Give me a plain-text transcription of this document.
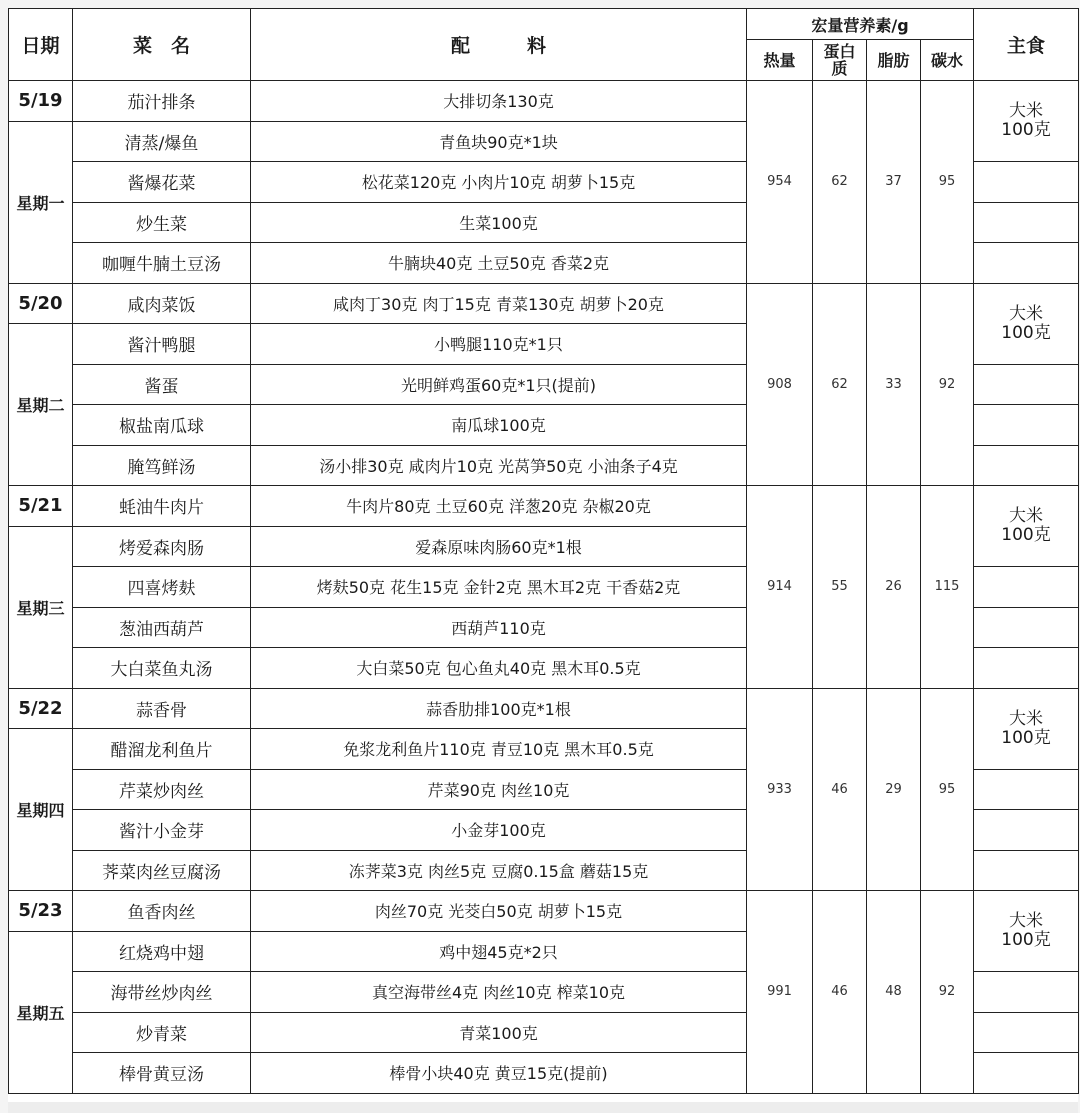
日期	菜　名	配　　　料	宏量营养素/g				主食
			热量	蛋白质	脂肪	碳水	
5/19	茄汁排条	大排切条130克	954	62	37	95	大米
100克
星期一	清蒸/爆鱼	青鱼块90克*1块					
	酱爆花菜	松花菜120克 小肉片10克 胡萝卜15克					
	炒生菜	生菜100克					
	咖喱牛腩土豆汤	牛腩块40克 土豆50克 香菜2克					
5/20	咸肉菜饭	咸肉丁30克 肉丁15克 青菜130克 胡萝卜20克	908	62	33	92	大米
100克
星期二	酱汁鸭腿	小鸭腿110克*1只					
	酱蛋	光明鲜鸡蛋60克*1只(提前)					
	椒盐南瓜球	南瓜球100克					
	腌笃鲜汤	汤小排30克 咸肉片10克 光莴笋50克 小油条子4克					
5/21	蚝油牛肉片	牛肉片80克 土豆60克 洋葱20克 杂椒20克	914	55	26	115	大米
100克
星期三	烤爱森肉肠	爱森原味肉肠60克*1根					
	四喜烤麸	烤麸50克 花生15克 金针2克 黑木耳2克 干香菇2克					
	葱油西葫芦	西葫芦110克					
	大白菜鱼丸汤	大白菜50克 包心鱼丸40克 黑木耳0.5克					
5/22	蒜香骨	蒜香肋排100克*1根	933	46	29	95	大米
100克
星期四	醋溜龙利鱼片	免浆龙利鱼片110克 青豆10克 黑木耳0.5克					
	芹菜炒肉丝	芹菜90克 肉丝10克					
	酱汁小金芽	小金芽100克					
	荠菜肉丝豆腐汤	冻荠菜3克 肉丝5克 豆腐0.15盒 蘑菇15克					
5/23	鱼香肉丝	肉丝70克 光茭白50克 胡萝卜15克	991	46	48	92	大米
100克
星期五	红烧鸡中翅	鸡中翅45克*2只					
	海带丝炒肉丝	真空海带丝4克 肉丝10克 榨菜10克					
	炒青菜	青菜100克					
	棒骨黄豆汤	棒骨小块40克 黄豆15克(提前)					
